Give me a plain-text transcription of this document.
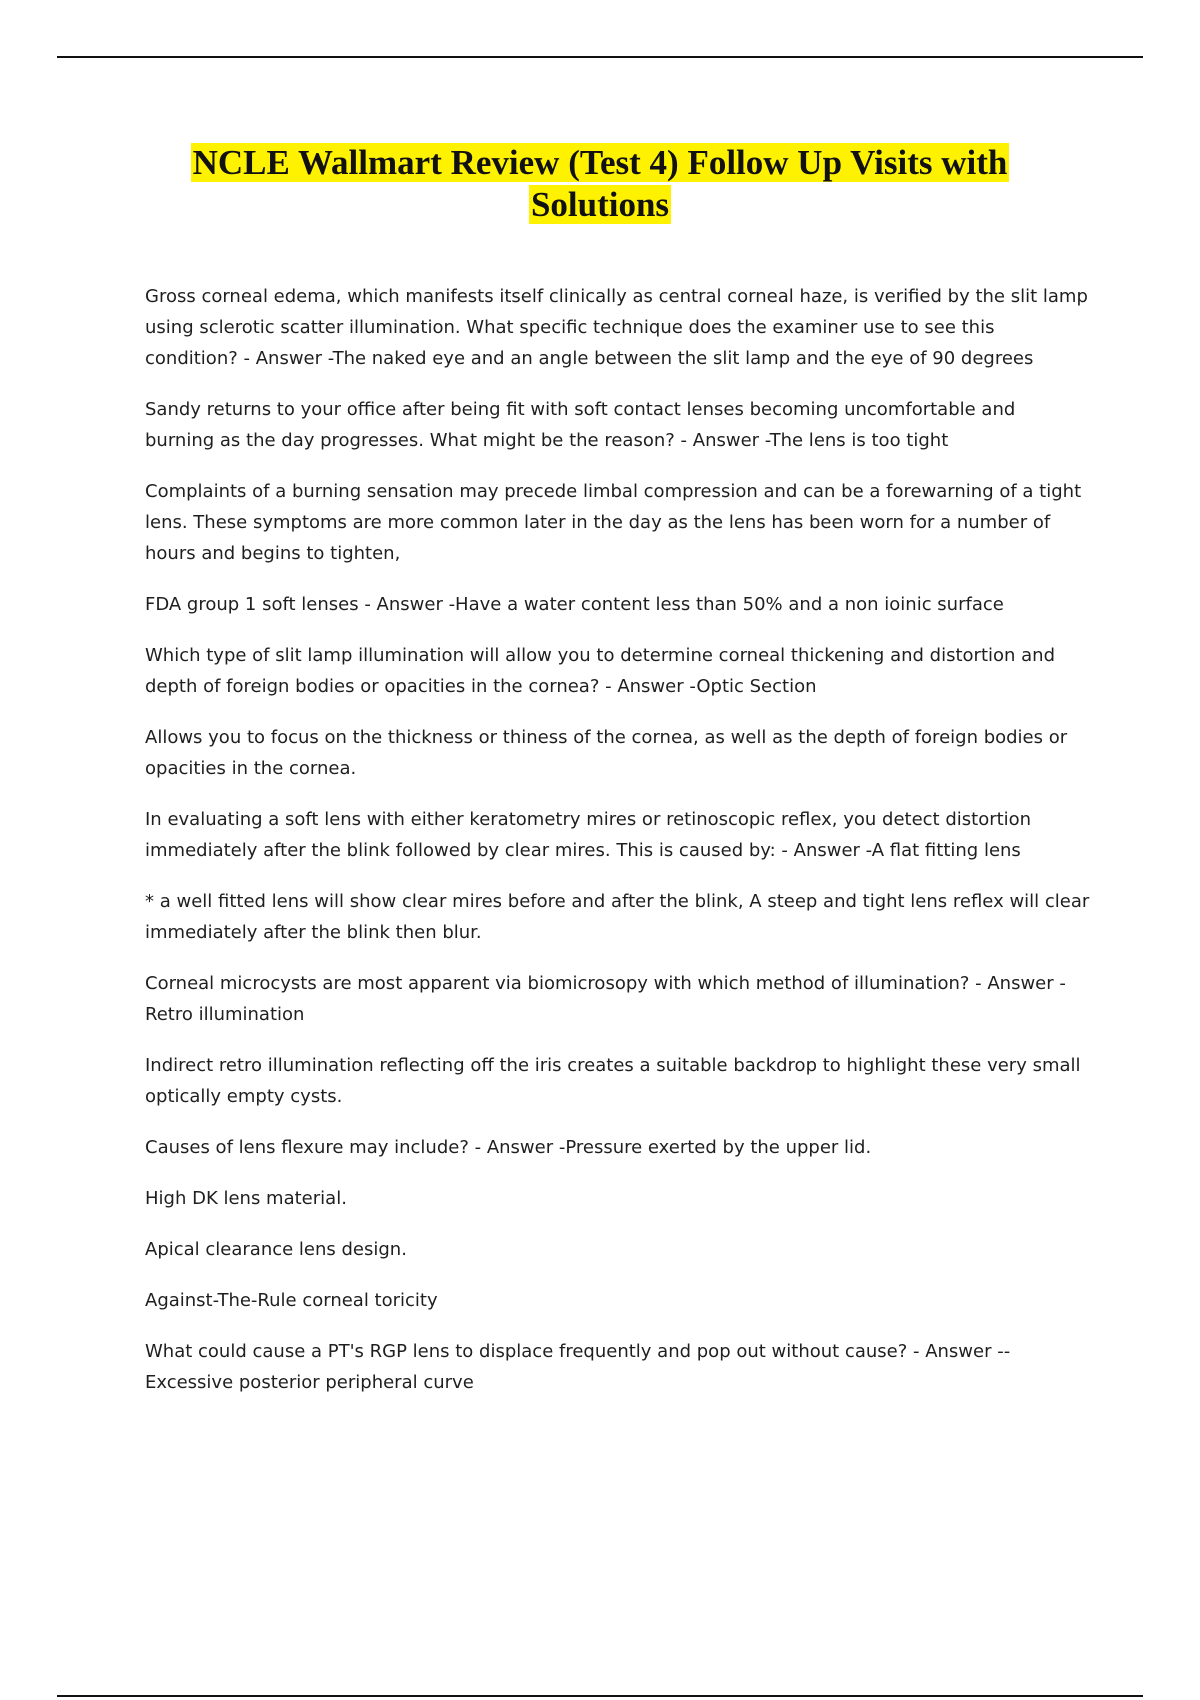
NCLE Wallmart Review (Test 4) Follow Up Visits with
Solutions

Gross corneal edema, which manifests itself clinically as central corneal haze, is verified by the slit lamp using sclerotic scatter illumination. What specific technique does the examiner use to see this condition? - Answer -The naked eye and an angle between the slit lamp and the eye of 90 degrees

Sandy returns to your office after being fit with soft contact lenses becoming uncomfortable and burning as the day progresses. What might be the reason? - Answer -The lens is too tight

Complaints of a burning sensation may precede limbal compression and can be a forewarning of a tight lens. These symptoms are more common later in the day as the lens has been worn for a number of hours and begins to tighten,

FDA group 1 soft lenses - Answer -Have a water content less than 50% and a non ioinic surface

Which type of slit lamp illumination will allow you to determine corneal thickening and distortion and depth of foreign bodies or opacities in the cornea? - Answer -Optic Section

Allows you to focus on the thickness or thiness of the cornea, as well as the depth of foreign bodies or opacities in the cornea.

In evaluating a soft lens with either keratometry mires or retinoscopic reflex, you detect distortion immediately after the blink followed by clear mires. This is caused by: - Answer -A flat fitting lens

* a well fitted lens will show clear mires before and after the blink, A steep and tight lens reflex will clear immediately after the blink then blur.

Corneal microcysts are most apparent via biomicrosopy with which method of illumination? - Answer -Retro illumination

Indirect retro illumination reflecting off the iris creates a suitable backdrop to highlight these very small optically empty cysts.

Causes of lens flexure may include? - Answer -Pressure exerted by the upper lid.

High DK lens material.

Apical clearance lens design.

Against-The-Rule corneal toricity

What could cause a PT's RGP lens to displace frequently and pop out without cause? - Answer --Excessive posterior peripheral curve
